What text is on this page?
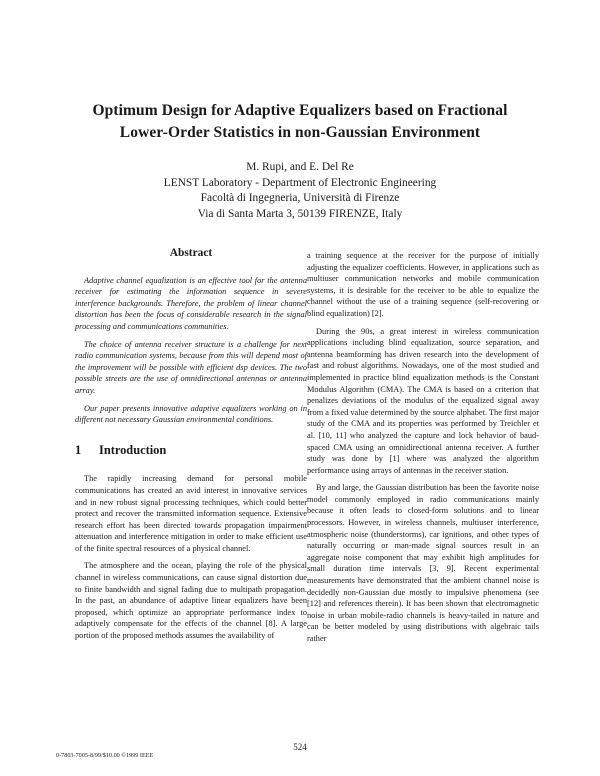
Optimum Design for Adaptive Equalizers based on Fractional
Lower-Order Statistics in non-Gaussian Environment
M. Rupi, and E. Del Re
LENST Laboratory - Department of Electronic Engineering
Facoltà di Ingegneria, Università di Firenze
Via di Santa Marta 3, 50139 FIRENZE, Italy
Abstract

Adaptive channel equalization is an effective tool for the antenna receiver for estimating the information sequence in severe interference backgrounds. Therefore, the problem of linear channel distortion has been the focus of considerable research in the signal processing and communications communities.

The choice of antenna receiver structure is a challenge for next radio communication systems, because from this will depend most of the improvement will be possible with efficient dsp devices. The two possible streets are the use of omnidirectional antennas or antenna array.

Our paper presents innovative adaptive equalizers working on in different not necessary Gaussian environmental conditions.

1 Introduction

The rapidly increasing demand for personal mobile communications has created an avid interest in innovative services and in new robust signal processing techniques, which could better protect and recover the transmitted information sequence. Extensive research effort has been directed towards propagation impairment attenuation and interference mitigation in order to make efficient use of the finite spectral resources of a physical channel.

The atmosphere and the ocean, playing the role of the physical channel in wireless communications, can cause signal distortion due to finite bandwidth and signal fading due to multipath propagation. In the past, an abundance of adaptive linear equalizers have been proposed, which optimize an appropriate performance index to adaptively compensate for the effects of the channel [8]. A large portion of the proposed methods assumes the availability of

a training sequence at the receiver for the purpose of initially adjusting the equalizer coefficients. However, in applications such as multiuser communication networks and mobile communication systems, it is desirable for the receiver to be able to equalize the channel without the use of a training sequence (self-recovering or blind equalization) [2].

During the 90s, a great interest in wireless communication applications including blind equalization, source separation, and antenna beamforming has driven research into the development of fast and robust algorithms. Nowadays, one of the most studied and implemented in practice blind equalization methods is the Constant Modulus Algorithm (CMA). The CMA is based on a criterion that penalizes deviations of the modulus of the equalized signal away from a fixed value determined by the source alphabet. The first major study of the CMA and its properties was performed by Treichler et al. [10, 11] who analyzed the capture and lock behavior of baud-spaced CMA using an omnidirectional antenna receiver. A further study was done by [1] where was analyzed the algorithm performance using arrays of antennas in the receiver station.

By and large, the Gaussian distribution has been the favorite noise model commonly employed in radio communications mainly because it often leads to closed-form solutions and to linear processors. However, in wireless channels, multiuser interference, atmospheric noise (thunderstorms), car ignitions, and other types of naturally occurring or man-made signal sources result in an aggregate noise component that may exhibit high amplitudes for small duration time intervals [3, 9]. Recent experimental measurements have demonstrated that the ambient channel noise is decidedly non-Gaussian due mostly to impulsive phenomena (see [12] and references therein). It has been shown that electromagnetic noise in urban mobile-radio channels is heavy-tailed in nature and can be better modeled by using distributions with algebraic tails rather

524
0-7803-7005-8/99/$10.00 ©1999 IEEE
